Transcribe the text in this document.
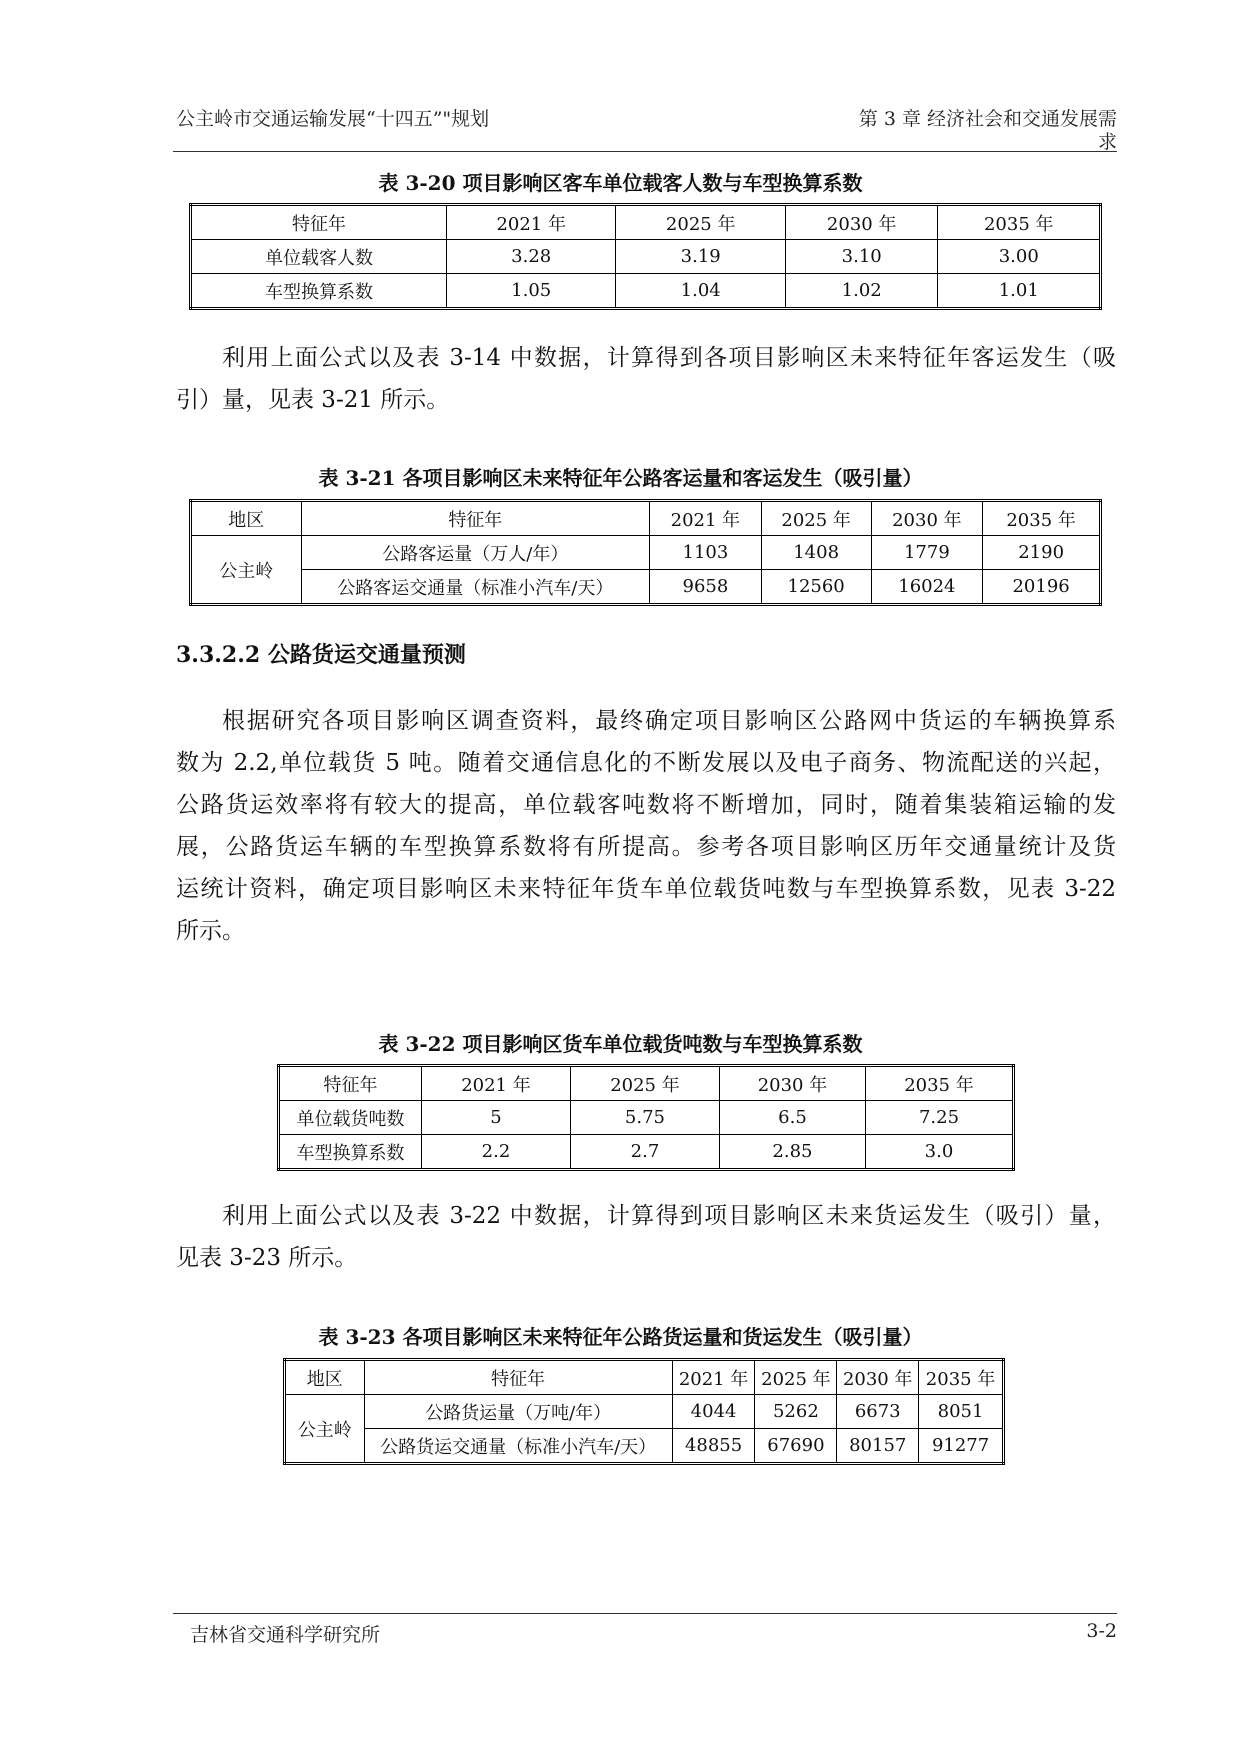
公主岭市交通运输发展“十四五”"规划	第 3 章 经济社会和交通发展需
求
表 3-20 项目影响区客车单位载客人数与车型换算系数
特征年	2021 年	2025 年	2030 年	2035 年
单位载客人数	3.28	3.19	3.10	3.00
车型换算系数	1.05	1.04	1.02	1.01
利用上面公式以及表 3-14 中数据，计算得到各项目影响区未来特征年客运发生（吸
引）量，见表 3-21 所示。
表 3-21 各项目影响区未来特征年公路客运量和客运发生（吸引量）
地区	特征年	2021 年	2025 年	2030 年	2035 年
公主岭	公路客运量（万人/年）	1103	1408	1779	2190
	公路客运交通量（标准小汽车/天）	9658	12560	16024	20196
3.3.2.2 公路货运交通量预测
根据研究各项目影响区调查资料，最终确定项目影响区公路网中货运的车辆换算系
数为 2.2,单位载货 5 吨。随着交通信息化的不断发展以及电子商务、物流配送的兴起，
公路货运效率将有较大的提高，单位载客吨数将不断增加，同时，随着集装箱运输的发
展，公路货运车辆的车型换算系数将有所提高。参考各项目影响区历年交通量统计及货
运统计资料，确定项目影响区未来特征年货车单位载货吨数与车型换算系数，见表 3-22
所示。
表 3-22 项目影响区货车单位载货吨数与车型换算系数
特征年	2021 年	2025 年	2030 年	2035 年
单位载货吨数	5	5.75	6.5	7.25
车型换算系数	2.2	2.7	2.85	3.0
利用上面公式以及表 3-22 中数据，计算得到项目影响区未来货运发生（吸引）量，
见表 3-23 所示。
表 3-23 各项目影响区未来特征年公路货运量和货运发生（吸引量）
地区	特征年	2021 年	2025 年	2030 年	2035 年
公主岭	公路货运量（万吨/年）	4044	5262	6673	8051
	公路货运交通量（标准小汽车/天）	48855	67690	80157	91277
吉林省交通科学研究所	3-2
